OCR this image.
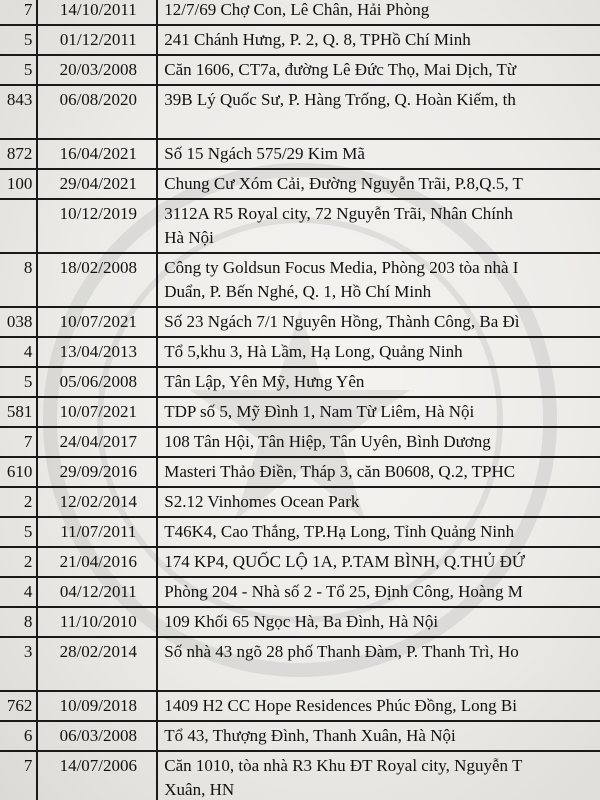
7	14/10/2011	12/7/69 Chợ Con, Lê Chân, Hải Phòng

5	01/12/2011	241 Chánh Hưng, P. 2, Q. 8, TPHồ Chí Minh

5	20/03/2008	Căn 1606, CT7a, đường Lê Đức Thọ, Mai Dịch, Từ

843	06/08/2020	39B Lý Quốc Sư, P. Hàng Trống, Q. Hoàn Kiếm, th

872	16/04/2021	Số 15 Ngách 575/29 Kim Mã

100	29/04/2021	Chung Cư Xóm Cải, Đường Nguyễn Trãi, P.8,Q.5, T

	10/12/2019	3112A R5 Royal city, 72 Nguyễn Trãi, Nhân Chính
Hà Nội

8	18/02/2008	Công ty Goldsun Focus Media, Phòng 203 tòa nhà I
Duẩn, P. Bến Nghé, Q. 1, Hồ Chí Minh

038	10/07/2021	Số 23 Ngách 7/1 Nguyên Hồng, Thành Công, Ba Đì

4	13/04/2013	Tổ 5,khu 3, Hà Lầm, Hạ Long, Quảng Ninh

5	05/06/2008	Tân Lập, Yên Mỹ, Hưng Yên

581	10/07/2021	TDP số 5, Mỹ Đình 1, Nam Từ Liêm, Hà Nội

7	24/04/2017	108 Tân Hội, Tân Hiệp, Tân Uyên, Bình Dương

610	29/09/2016	Masteri Thảo Điền, Tháp 3, căn B0608, Q.2, TPHC

2	12/02/2014	S2.12 Vinhomes Ocean Park

5	11/07/2011	T46K4, Cao Thắng, TP.Hạ Long, Tỉnh Quảng Ninh

2	21/04/2016	174 KP4, QUỐC LỘ 1A, P.TAM BÌNH, Q.THỦ ĐỨ

4	04/12/2011	Phòng 204 - Nhà số 2 - Tổ 25, Định Công, Hoàng M

8	11/10/2010	109 Khối 65 Ngọc Hà, Ba Đình, Hà Nội

3	28/02/2014	Số nhà 43 ngõ 28 phố Thanh Đàm, P. Thanh Trì, Ho

762	10/09/2018	1409 H2 CC Hope Residences Phúc Đồng, Long Bi

6	06/03/2008	Tổ 43, Thượng Đình, Thanh Xuân, Hà Nội

7	14/07/2006	Căn 1010, tòa nhà R3 Khu ĐT Royal city, Nguyễn T
Xuân, HN
